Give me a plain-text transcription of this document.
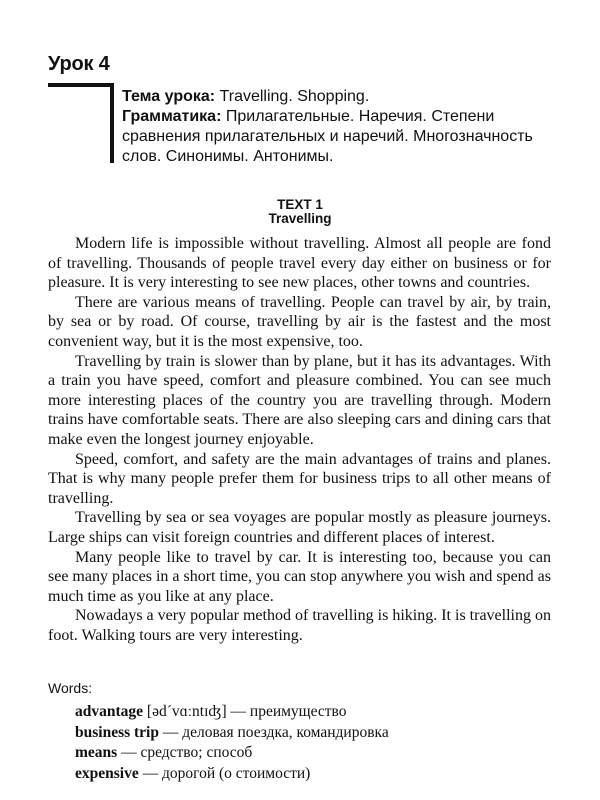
Урок 4
Тема урока: Travelling. Shopping.
Грамматика: Прилагательные. Наречия. Степени сравнения прилагательных и наречий. Многозначность слов. Синонимы. Антонимы.
TEXT 1
Travelling

Modern life is impossible without travelling. Almost all people are fond of travelling. Thousands of people travel every day either on business or for pleasure. It is very interesting to see new places, other towns and countries.

There are various means of travelling. People can travel by air, by train, by sea or by road. Of course, travelling by air is the fastest and the most convenient way, but it is the most expensive, too.

Travelling by train is slower than by plane, but it has its advantages. With a train you have speed, comfort and pleasure combined. You can see much more interesting places of the country you are travelling through. Modern trains have comfortable seats. There are also sleeping cars and dining cars that make even the longest journey enjoyable.

Speed, comfort, and safety are the main advantages of trains and planes. That is why many people prefer them for business trips to all other means of travelling.

Travelling by sea or sea voyages are popular mostly as pleasure journeys. Large ships can visit foreign countries and different places of interest.

Many people like to travel by car. It is interesting too, because you can see many places in a short time, you can stop anywhere you wish and spend as much time as you like at any place.

Nowadays a very popular method of travelling is hiking. It is travelling on foot. Walking tours are very interesting.

Words:
advantage [ədˊvɑːntɪʤ] — преимущество
business trip — деловая поездка, командировка
means — средство; способ
expensive — дорогой (о стоимости)
